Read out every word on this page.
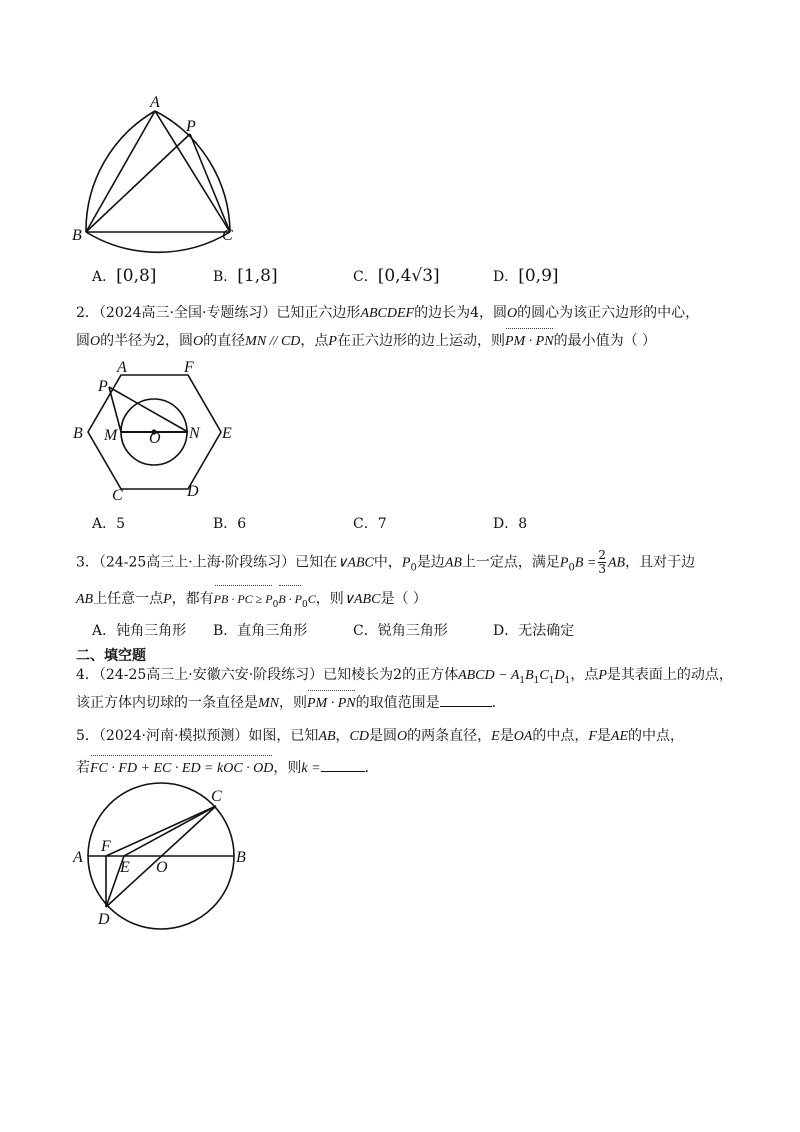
A
P
B	C
A．[0,8]	B．[1,8]	C．[0,4√3]	D．[0,9]
2．（2024高三·全国·专题练习）已知正六边形ABCDEF的边长为4，圆O的圆心为该正六边形的中心，
圆O的半径为2，圆O的直径MN // CD，点P在正六边形的边上运动，则PM · PN的最小值为（ ）
A	F
P
B M O N E
C	D
A．5	B．6	C．7	D．8
3．（24-25高三上·上海·阶段练习）已知在∨ABC中，$P_0$是边AB上一定点，满足$P_0B = \frac{2}{3}$ AB，且对于边
AB上任意一点P，都有PB · PC ≥ $P_0B \cdot P_0C$，则∨ABC是（ ）
A．钝角三角形 B．直角三角形	C．锐角三角形	D．无法确定
二、填空题
4．（24-25高三上·安徽六安·阶段练习）已知棱长为2的正方体ABCD − $A_1B_1C_1D_1$，点P是其表面上的动点，
该正方体内切球的一条直径是MN，则PM · PN的取值范围是	．
5．（2024·河南·模拟预测）如图，已知AB，CD是圆O的两条直径，E是OA的中点，F是AE的中点，
若FC · FD + EC · ED = kOC · OD，则k =	．
C
A
F
E O
B
D
